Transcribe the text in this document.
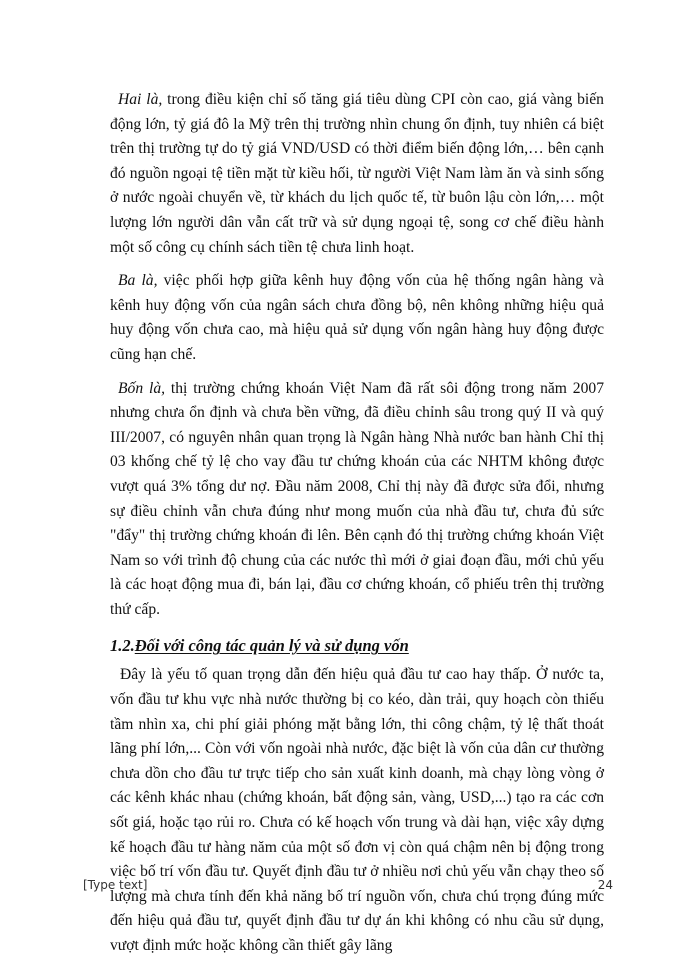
Hai là, trong điều kiện chỉ số tăng giá tiêu dùng CPI còn cao, giá vàng biến động lớn, tỷ giá đô la Mỹ trên thị trường nhìn chung ổn định, tuy nhiên cá biệt trên thị trường tự do tỷ giá VND/USD có thời điểm biến động lớn,… bên cạnh đó nguồn ngoại tệ tiền mặt từ kiều hối, từ người Việt Nam làm ăn và sinh sống ở nước ngoài chuyển về, từ khách du lịch quốc tế, từ buôn lậu còn lớn,… một lượng lớn người dân vẫn cất trữ và sử dụng ngoại tệ, song cơ chế điều hành một số công cụ chính sách tiền tệ chưa linh hoạt.

Ba là, việc phối hợp giữa kênh huy động vốn của hệ thống ngân hàng và kênh huy động vốn của ngân sách chưa đồng bộ, nên không những hiệu quả huy động vốn chưa cao, mà hiệu quả sử dụng vốn ngân hàng huy động được cũng hạn chế.

Bốn là, thị trường chứng khoán Việt Nam đã rất sôi động trong năm 2007 nhưng chưa ổn định và chưa bền vững, đã điều chỉnh sâu trong quý II và quý III/2007, có nguyên nhân quan trọng là Ngân hàng Nhà nước ban hành Chỉ thị 03 khống chế tỷ lệ cho vay đầu tư chứng khoán của các NHTM không được vượt quá 3% tổng dư nợ. Đầu năm 2008, Chỉ thị này đã được sửa đổi, nhưng sự điều chỉnh vẫn chưa đúng như mong muốn của nhà đầu tư, chưa đủ sức "đẩy" thị trường chứng khoán đi lên. Bên cạnh đó thị trường chứng khoán Việt Nam so với trình độ chung của các nước thì mới ở giai đoạn đầu, mới chủ yếu là các hoạt động mua đi, bán lại, đầu cơ chứng khoán, cổ phiếu trên thị trường thứ cấp.

1.2.Đối với công tác quản lý và sử dụng vốn

Đây là yếu tố quan trọng dẫn đến hiệu quả đầu tư cao hay thấp. Ở nước ta, vốn đầu tư khu vực nhà nước thường bị co kéo, dàn trải, quy hoạch còn thiếu tầm nhìn xa, chi phí giải phóng mặt bằng lớn, thi công chậm, tỷ lệ thất thoát lãng phí lớn,... Còn với vốn ngoài nhà nước, đặc biệt là vốn của dân cư thường chưa dồn cho đầu tư trực tiếp cho sản xuất kinh doanh, mà chạy lòng vòng ở các kênh khác nhau (chứng khoán, bất động sản, vàng, USD,...) tạo ra các cơn sốt giá, hoặc tạo rủi ro. Chưa có kế hoạch vốn trung và dài hạn, việc xây dựng kế hoạch đầu tư hàng năm của một số đơn vị còn quá chậm nên bị động trong việc bố trí vốn đầu tư. Quyết định đầu tư ở nhiều nơi chủ yếu vẫn chạy theo số lượng mà chưa tính đến khả năng bố trí nguồn vốn, chưa chú trọng đúng mức đến hiệu quả đầu tư, quyết định đầu tư dự án khi không có nhu cầu sử dụng, vượt định mức hoặc không cần thiết gây lãng

[Type text]	24
